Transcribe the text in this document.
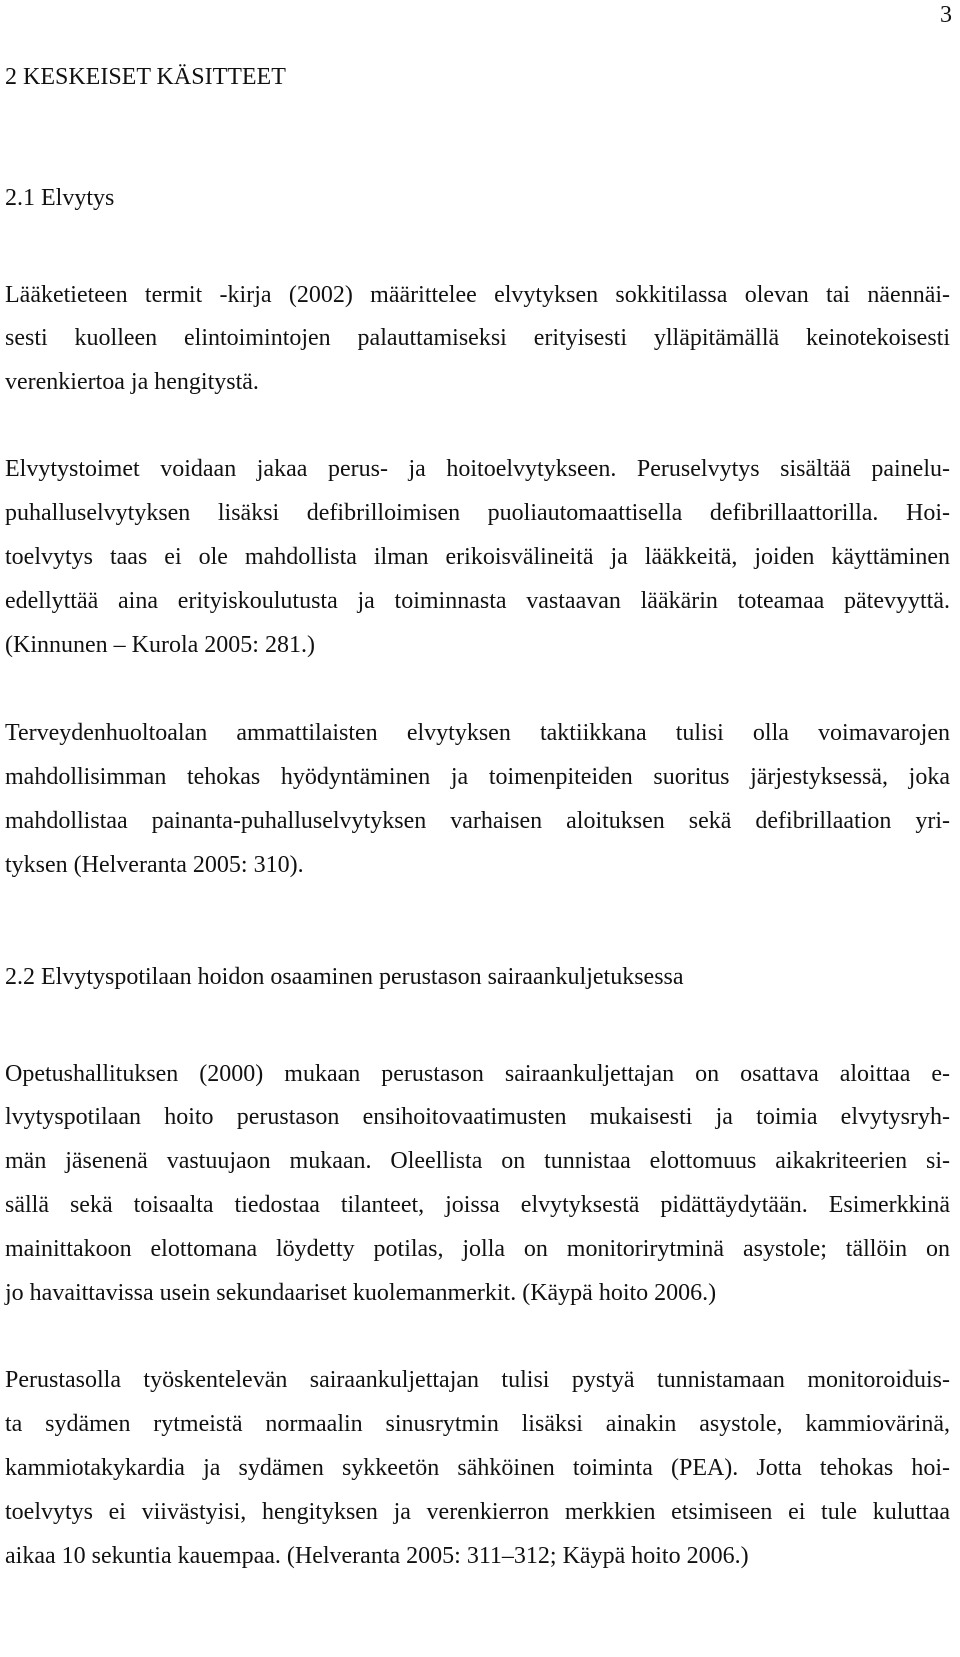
3
2 KESKEISET KÄSITTEET
2.1 Elvytys
Lääketieteen termit -kirja (2002) määrittelee elvytyksen sokkitilassa olevan tai näennäi-
sesti kuolleen elintoimintojen palauttamiseksi erityisesti ylläpitämällä keinotekoisesti
verenkiertoa ja hengitystä.
Elvytystoimet voidaan jakaa perus- ja hoitoelvytykseen. Peruselvytys sisältää painelu-
puhalluselvytyksen lisäksi defibrilloimisen puoliautomaattisella defibrillaattorilla. Hoi-
toelvytys taas ei ole mahdollista ilman erikoisvälineitä ja lääkkeitä, joiden käyttäminen
edellyttää aina erityiskoulutusta ja toiminnasta vastaavan lääkärin toteamaa pätevyyttä.
(Kinnunen – Kurola 2005: 281.)
Terveydenhuoltoalan ammattilaisten elvytyksen taktiikkana tulisi olla voimavarojen
mahdollisimman tehokas hyödyntäminen ja toimenpiteiden suoritus järjestyksessä, joka
mahdollistaa painanta-puhalluselvytyksen varhaisen aloituksen sekä defibrillaation yri-
tyksen (Helveranta 2005: 310).
2.2 Elvytyspotilaan hoidon osaaminen perustason sairaankuljetuksessa
Opetushallituksen (2000) mukaan perustason sairaankuljettajan on osattava aloittaa e-
lvytyspotilaan hoito perustason ensihoitovaatimusten mukaisesti ja toimia elvytysryh-
män jäsenenä vastuujaon mukaan. Oleellista on tunnistaa elottomuus aikakriteerien si-
sällä sekä toisaalta tiedostaa tilanteet, joissa elvytyksestä pidättäydytään. Esimerkkinä
mainittakoon elottomana löydetty potilas, jolla on monitorirytminä asystole; tällöin on
jo havaittavissa usein sekundaariset kuolemanmerkit. (Käypä hoito 2006.)
Perustasolla työskentelevän sairaankuljettajan tulisi pystyä tunnistamaan monitoroiduis-
ta sydämen rytmeistä normaalin sinusrytmin lisäksi ainakin asystole, kammiovärinä,
kammiotakykardia ja sydämen sykkeetön sähköinen toiminta (PEA). Jotta tehokas hoi-
toelvytys ei viivästyisi, hengityksen ja verenkierron merkkien etsimiseen ei tule kuluttaa
aikaa 10 sekuntia kauempaa. (Helveranta 2005: 311–312; Käypä hoito 2006.)
